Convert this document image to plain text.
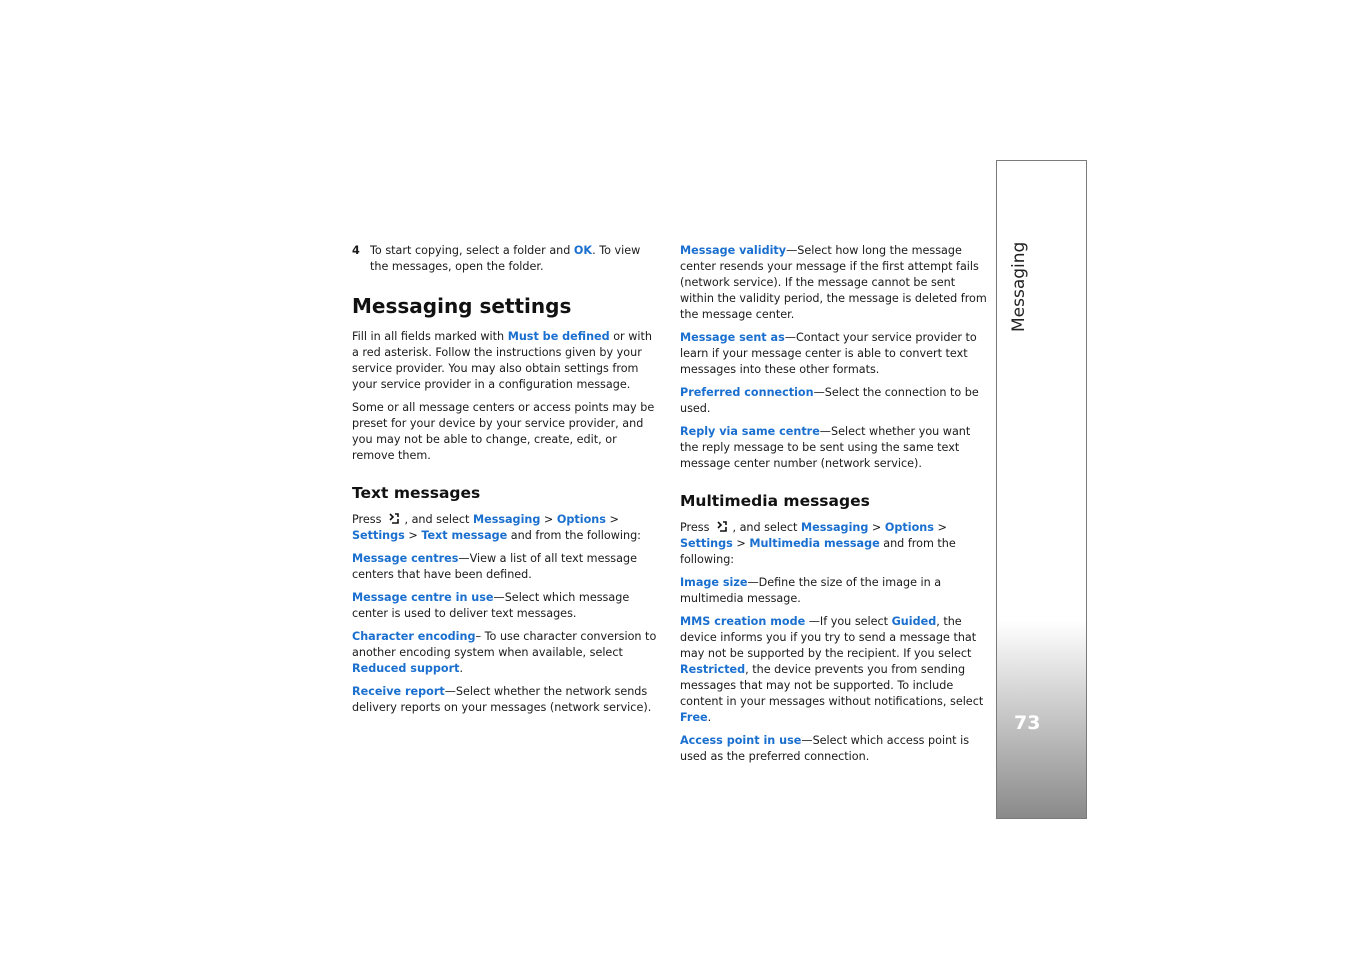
Messaging
73
4 To start copying, select a folder and OK. To view the messages, open the folder.
Messaging settings

Fill in all fields marked with Must be defined or with a red asterisk. Follow the instructions given by your service provider. You may also obtain settings from your service provider in a configuration message.

Some or all message centers or access points may be preset for your device by your service provider, and you may not be able to change, create, edit, or remove them.

Text messages

Press , and select Messaging > Options > Settings > Text message and from the following:

Message centres—View a list of all text message centers that have been defined.

Message centre in use—Select which message center is used to deliver text messages.

Character encoding– To use character conversion to another encoding system when available, select Reduced support.

Receive report—Select whether the network sends delivery reports on your messages (network service).

Message validity—Select how long the message center resends your message if the first attempt fails (network service). If the message cannot be sent within the validity period, the message is deleted from the message center.

Message sent as—Contact your service provider to learn if your message center is able to convert text messages into these other formats.

Preferred connection—Select the connection to be used.

Reply via same centre—Select whether you want the reply message to be sent using the same text message center number (network service).

Multimedia messages

Press , and select Messaging > Options > Settings > Multimedia message and from the following:

Image size—Define the size of the image in a multimedia message.

MMS creation mode —If you select Guided, the device informs you if you try to send a message that may not be supported by the recipient. If you select Restricted, the device prevents you from sending messages that may not be supported. To include content in your messages without notifications, select Free.

Access point in use—Select which access point is used as the preferred connection.
